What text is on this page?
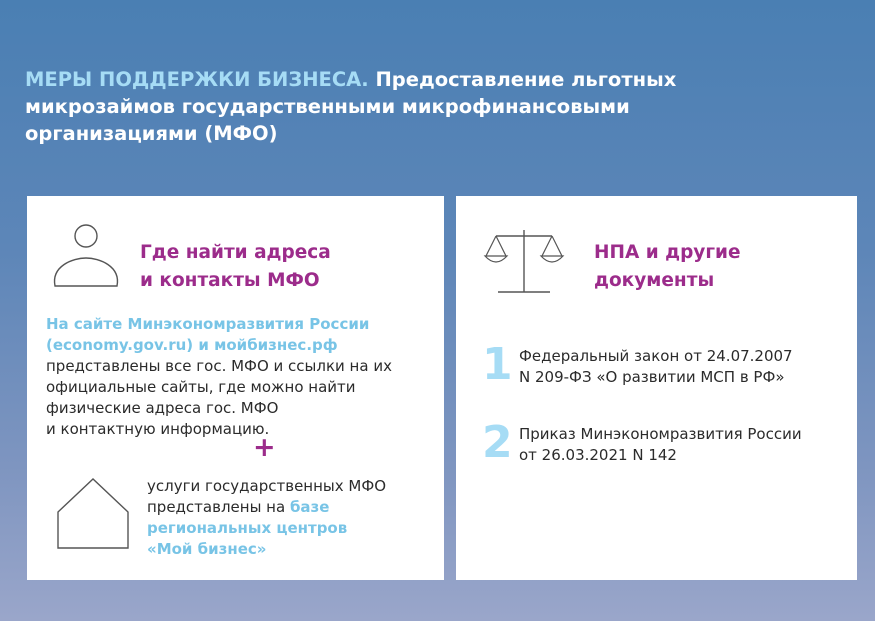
МЕРЫ ПОДДЕРЖКИ БИЗНЕСА. Предоставление льготных микрозаймов государственными микрофинансовыми организациями (МФО)
Где найти адреса
и контакты МФО
На сайте Минэкономразвития России
(economy.gov.ru) и мойбизнес.рф
представлены все гос. МФО и ссылки на их
официальные сайты, где можно найти
физические адреса гос. МФО
и контактную информацию.
+
услуги государственных МФО
представлены на базе
региональных центров
«Мой бизнес»
НПА и другие
документы
1 Федеральный закон от 24.07.2007
N 209-ФЗ «О развитии МСП в РФ»
2 Приказ Минэкономразвития России
от 26.03.2021 N 142
